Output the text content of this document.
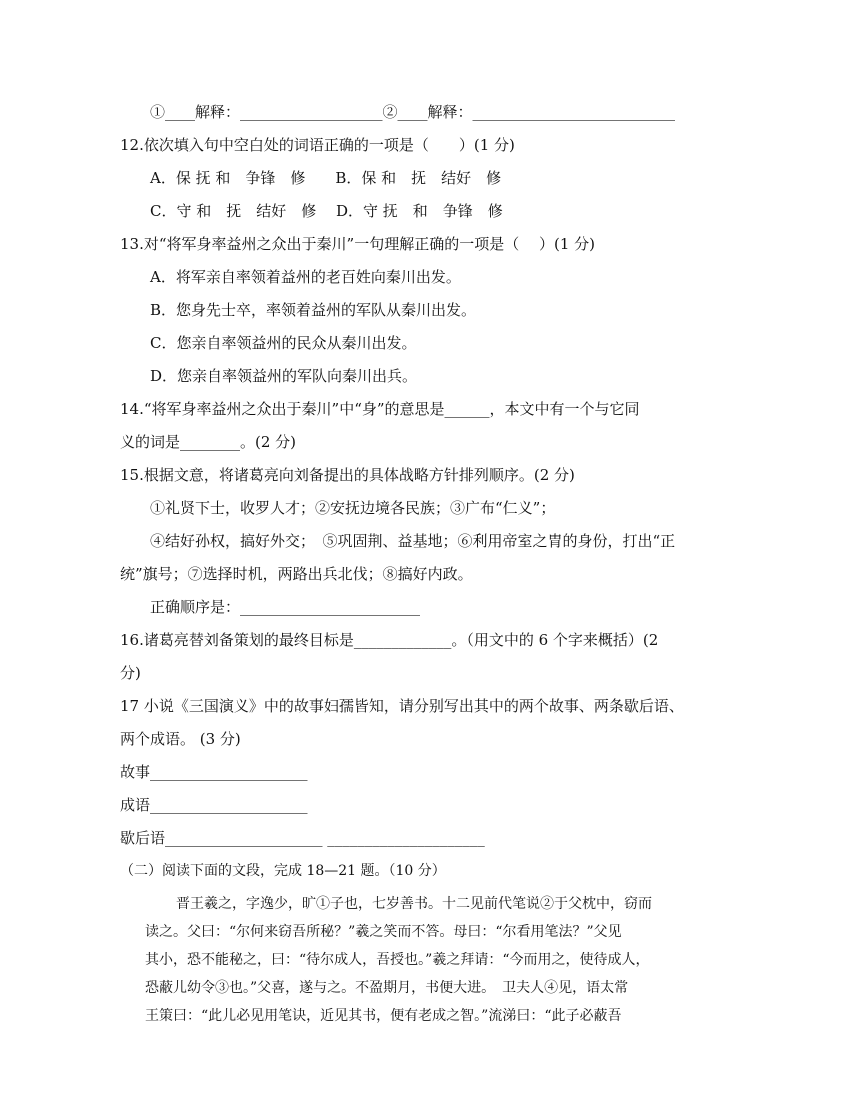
①____解释：___________________②____解释：___________________________
12.依次填入句中空白处的词语正确的一项是（　　）(1 分)
A．保 抚 和　争锋　修　　B．保 和　抚　结好　修
C．守 和　抚　结好　修　 D．守 抚　和　争锋　修
13.对“将军身率益州之众出于秦川”一句理解正确的一项是（　 ）(1 分)
A．将军亲自率领着益州的老百姓向秦川出发。
B．您身先士卒，率领着益州的军队从秦川出发。
C．您亲自率领益州的民众从秦川出发。
D．您亲自率领益州的军队向秦川出兵。
14.“将军身率益州之众出于秦川”中“身”的意思是______，本文中有一个与它同
义的词是________。(2 分)
15.根据文意，将诸葛亮向刘备提出的具体战略方针排列顺序。(2 分)
①礼贤下士，收罗人才；②安抚边境各民族；③广布“仁义”；
④结好孙权，搞好外交；　⑤巩固荆、益基地；⑥利用帝室之胄的身份，打出“正
统”旗号；⑦选择时机，两路出兵北伐；⑧搞好内政。
正确顺序是：________________________
16.诸葛亮替刘备策划的最终目标是_____________。（用文中的 6 个字来概括）(2
分)
17 小说《三国演义》中的故事妇孺皆知，请分别写出其中的两个故事、两条歇后语、
两个成语。 (3 分)
故事_____________________
成语_____________________
歇后语_____________________ _____________________
（二）阅读下面的文段，完成 18—21 题。（10 分）
晋王羲之，字逸少，旷①子也，七岁善书。十二见前代笔说②于父枕中，窃而
读之。父曰：“尔何来窃吾所秘？”羲之笑而不答。母曰：“尔看用笔法？”父见
其小，恐不能秘之，曰：“待尔成人，吾授也。”羲之拜请：“今而用之，使待成人，
恐蔽儿幼令③也。”父喜，遂与之。不盈期月，书便大进。　卫夫人④见，语太常
王策曰：“此儿必见用笔诀，近见其书，便有老成之智。”流涕曰：“此子必蔽吾
